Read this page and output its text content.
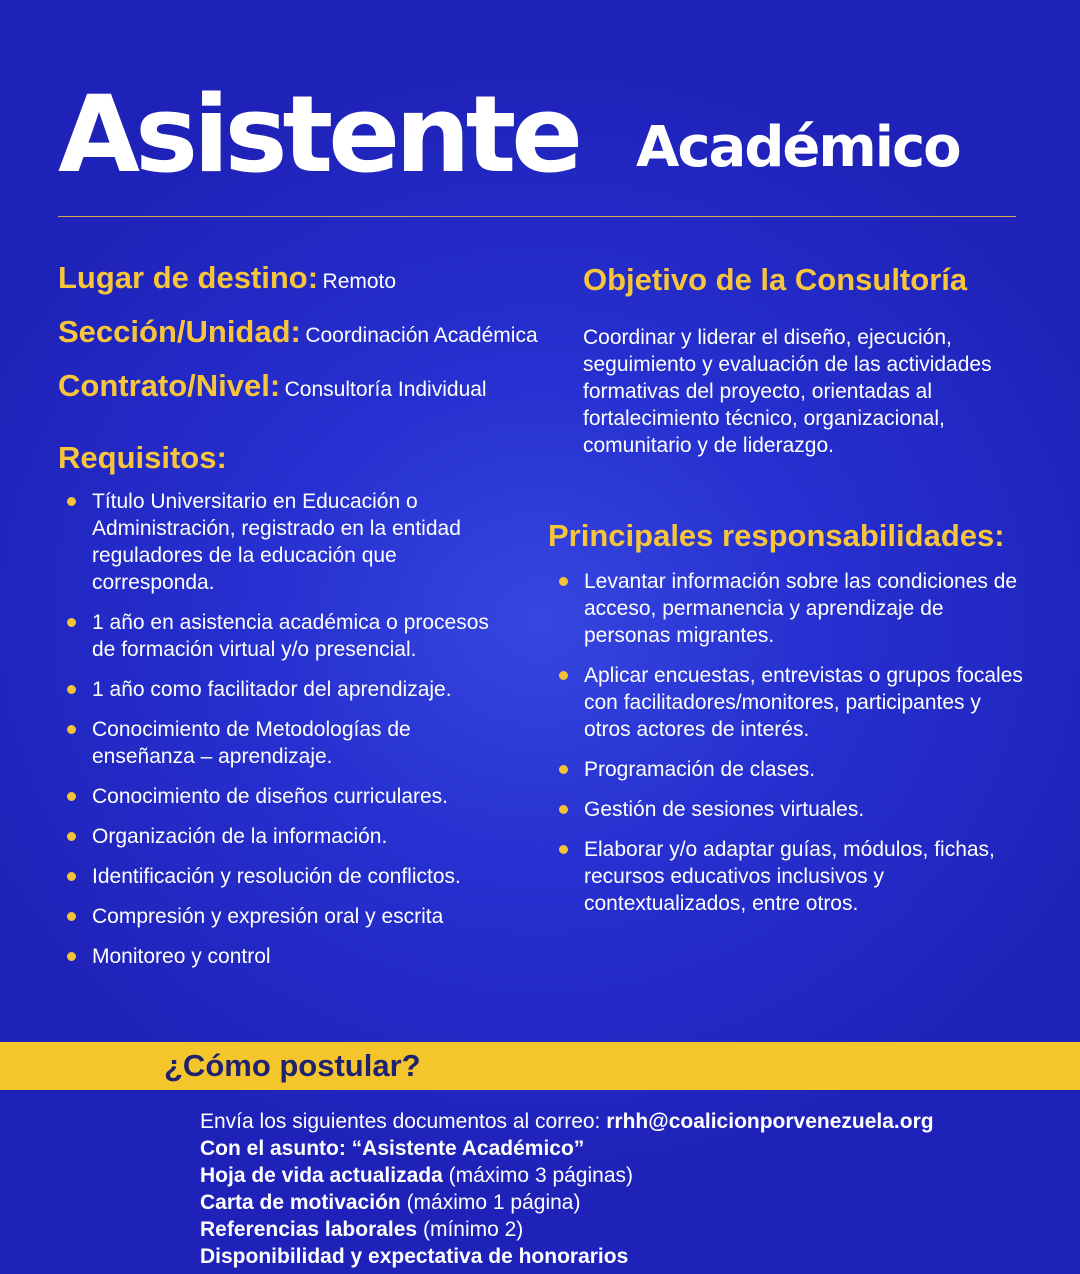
Asistente Académico
Lugar de destino: Remoto
Sección/Unidad: Coordinación Académica
Contrato/Nivel: Consultoría Individual
Requisitos:
Título Universitario en Educación o Administración, registrado en la entidad reguladores de la educación que corresponda.
1 año en asistencia académica o procesos de formación virtual y/o presencial.
1 año como facilitador del aprendizaje.
Conocimiento de Metodologías de enseñanza – aprendizaje.
Conocimiento de diseños curriculares.
Organización de la información.
Identificación y resolución de conflictos.
Compresión y expresión oral y escrita
Monitoreo y control
Objetivo de la Consultoría
Coordinar y liderar el diseño, ejecución, seguimiento y evaluación de las actividades formativas del proyecto, orientadas al fortalecimiento técnico, organizacional, comunitario y de liderazgo.
Principales responsabilidades:
Levantar información sobre las condiciones de acceso, permanencia y aprendizaje de personas migrantes.
Aplicar encuestas, entrevistas o grupos focales con facilitadores/monitores, participantes y otros actores de interés.
Programación de clases.
Gestión de sesiones virtuales.
Elaborar y/o adaptar guías, módulos, fichas, recursos educativos inclusivos y contextualizados, entre otros.
¿Cómo postular?
Envía los siguientes documentos al correo: rrhh@coalicionporvenezuela.org
Con el asunto: “Asistente Académico”
Hoja de vida actualizada (máximo 3 páginas)
Carta de motivación (máximo 1 página)
Referencias laborales (mínimo 2)
Disponibilidad y expectativa de honorarios
